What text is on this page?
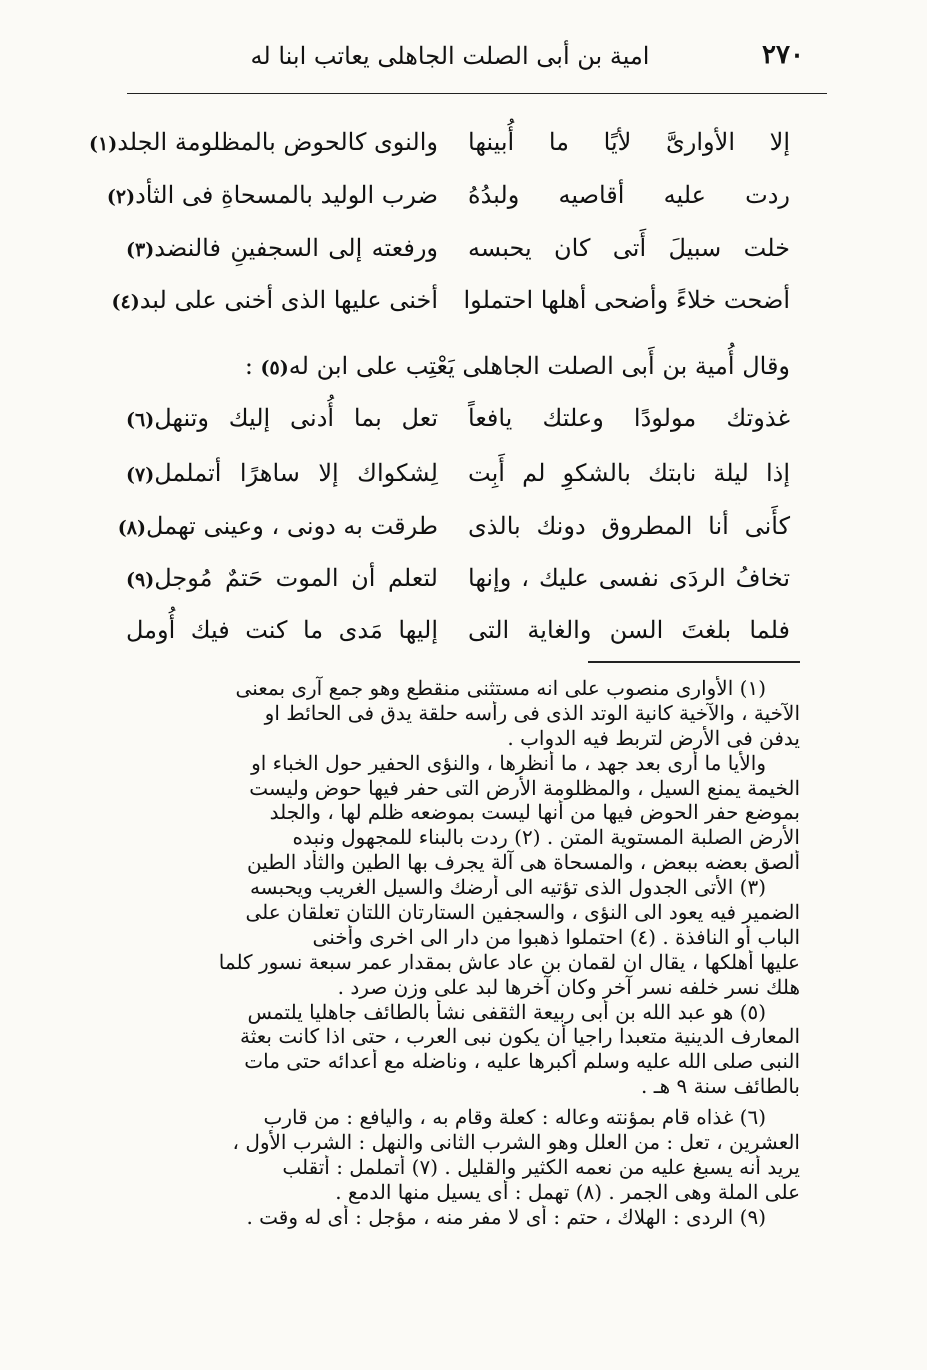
٢٧٠
امية بن أبى الصلت الجاهلى يعاتب ابنا له
إلا الأوارىَّ لأيًا ما أُبينها
والنوى كالحوض بالمظلومة الجلد(١)
ردت عليه أقاصيه ولبدُهُ
ضرب الوليد بالمسحاةِ فى الثأد(٢)
خلت سبيلَ أَتى كان يحبسه
ورفعته إلى السجفينِ فالنضد(٣)
أضحت خلاءً وأضحى أهلها احتملوا
أخنى عليها الذى أخنى على لبد(٤)
وقال أُمية بن أَبى الصلت الجاهلى يَعْتِب على ابن له(٥) :
غذوتك مولودًا وعلتك يافعاً
تعل بما أُدنى إليك وتنهل(٦)
إذا ليلة نابتك بالشكوِ لم أَبِت
لِشكواك إلا ساهرًا أتململ(٧)
كأَنى أنا المطروق دونك بالذى
طرقت به دونى ، وعينى تهمل(٨)
تخافُ الردَى نفسى عليك ، وإنها
لتعلم أن الموت حَتمٌ مُوجل(٩)
فلما بلغتَ السن والغاية التى
إليها مَدى ما كنت فيك أُومل
(١) الأوارى منصوب على انه مستثنى منقطع وهو جمع آرى بمعنى
الآخية ، والآخية كانية الوتد الذى فى رأسه حلقة يدق فى الحائط او
يدفن فى الأرض لتربط فيه الدواب .
والأيا ما أرى بعد جهد ، ما أنظرها ، والنؤى الحفير حول الخباء او
الخيمة يمنع السيل ، والمظلومة الأرض التى حفر فيها حوض وليست
بموضع حفر الحوض فيها من أنها ليست بموضعه ظلم لها ، والجلد
الأرض الصلبة المستوية المتن . (٢) ردت بالبناء للمجهول ونبده
ألصق بعضه ببعض ، والمسحاة هى آلة يجرف بها الطين والثأد الطين
(٣) الأتى الجدول الذى تؤتيه الى أرضك والسيل الغريب ويحبسه
الضمير فيه يعود الى النؤى ، والسجفين الستارتان اللتان تعلقان على
الباب أو النافذة . (٤) احتملوا ذهبوا من دار الى اخرى وأخنى
عليها أهلكها ، يقال ان لقمان بن عاد عاش بمقدار عمر سبعة نسور كلما
هلك نسر خلفه نسر آخر وكان آخرها لبد على وزن صرد .
(٥) هو عبد الله بن أبى ربيعة الثقفى نشأ بالطائف جاهليا يلتمس
المعارف الدينية متعبدا راجيا أن يكون نبى العرب ، حتى اذا كانت بعثة
النبى صلى الله عليه وسلم أكبرها عليه ، وناضله مع أعدائه حتى مات
بالطائف سنة ٩ هـ .
(٦) غذاه قام بمؤنته وعاله : كعلة وقام به ، واليافع : من قارب
العشرين ، تعل : من العلل وهو الشرب الثانى والنهل : الشرب الأول ،
يريد أنه يسبغ عليه من نعمه الكثير والقليل . (٧) أتململ : أتقلب
على الملة وهى الجمر . (٨) تهمل : أى يسيل منها الدمع .
(٩) الردى : الهلاك ، حتم : أى لا مفر منه ، مؤجل : أى له وقت .
